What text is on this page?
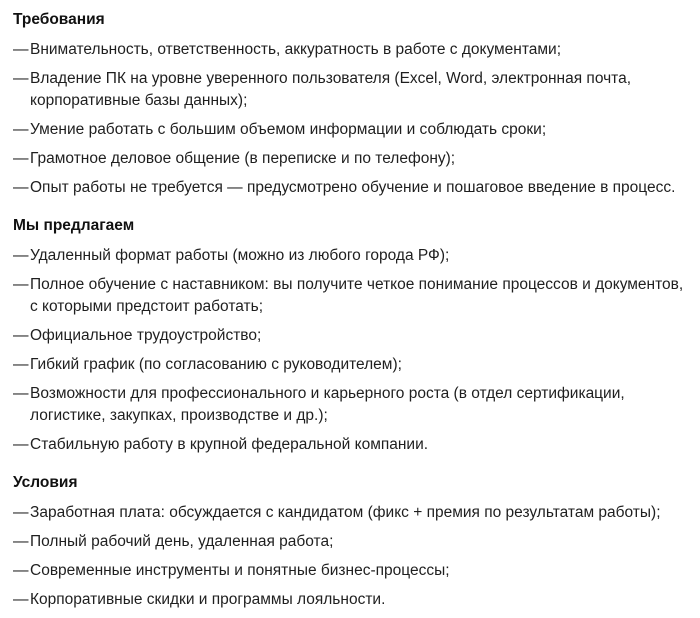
Требования
— Внимательность, ответственность, аккуратность в работе с документами;
— Владение ПК на уровне уверенного пользователя (Excel, Word, электронная почта, корпоративные базы данных);
— Умение работать с большим объемом информации и соблюдать сроки;
— Грамотное деловое общение (в переписке и по телефону);
— Опыт работы не требуется — предусмотрено обучение и пошаговое введение в процесс.
Мы предлагаем
— Удаленный формат работы (можно из любого города РФ);
— Полное обучение с наставником: вы получите четкое понимание процессов и документов, с которыми предстоит работать;
— Официальное трудоустройство;
— Гибкий график (по согласованию с руководителем);
— Возможности для профессионального и карьерного роста (в отдел сертификации, логистике, закупках, производстве и др.);
— Стабильную работу в крупной федеральной компании.
Условия
— Заработная плата: обсуждается с кандидатом (фикс + премия по результатам работы);
— Полный рабочий день, удаленная работа;
— Современные инструменты и понятные бизнес-процессы;
— Корпоративные скидки и программы лояльности.
